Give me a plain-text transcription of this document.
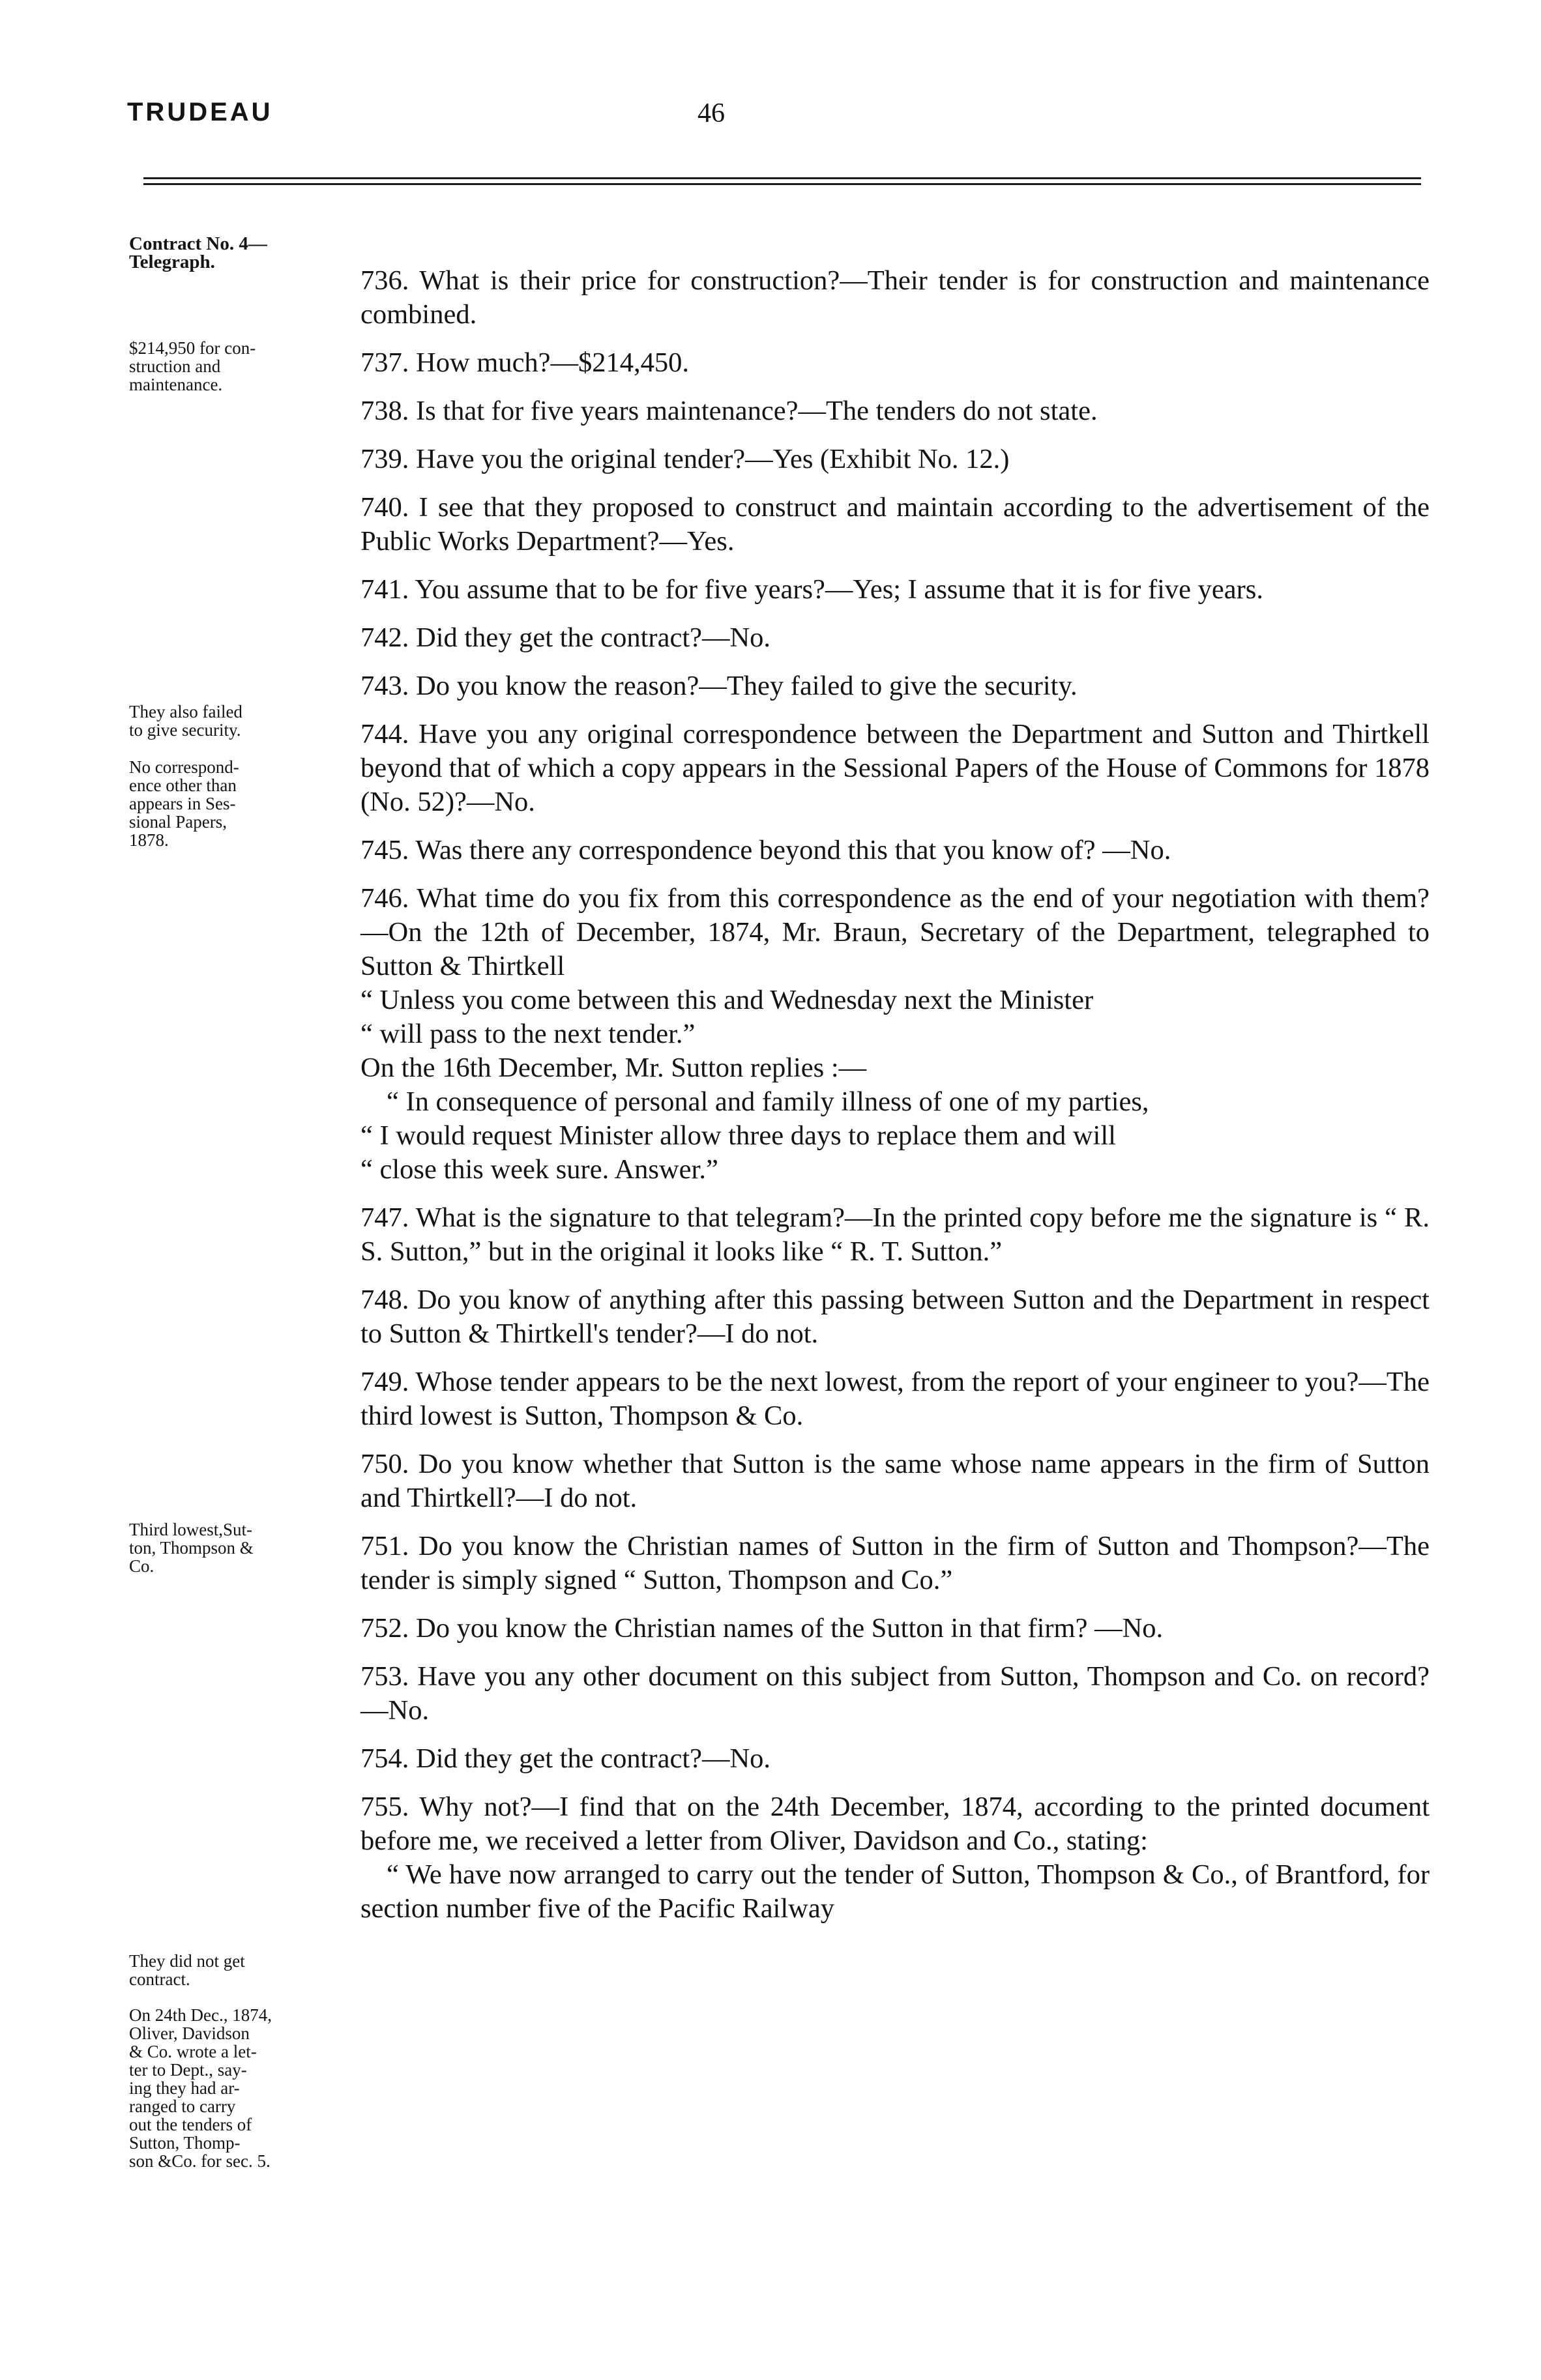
TRUDEAU	46
Contract No. 4—
Telegraph.
$214,950 for con-
struction and
maintenance.
They also failed
to give security.
No correspond-
ence other than
appears in Ses-
sional Papers,
1878.
Third lowest,Sut-
ton, Thompson &
Co.
They did not get
contract.
On 24th Dec., 1874,
Oliver, Davidson
& Co. wrote a let-
ter to Dept., say-
ing they had ar-
ranged to carry
out the tenders of
Sutton, Thomp-
son &Co. for sec. 5.
736. What is their price for construction?—Their tender is for construction and maintenance combined.
737. How much?—$214,450.
738. Is that for five years maintenance?—The tenders do not state.
739. Have you the original tender?—Yes (Exhibit No. 12.)
740. I see that they proposed to construct and maintain according to the advertisement of the Public Works Department?—Yes.
741. You assume that to be for five years?—Yes; I assume that it is for five years.
742. Did they get the contract?—No.
743. Do you know the reason?—They failed to give the security.
744. Have you any original correspondence between the Department and Sutton and Thirtkell beyond that of which a copy appears in the Sessional Papers of the House of Commons for 1878 (No. 52)?—No.
745. Was there any correspondence beyond this that you know of? —No.
746. What time do you fix from this correspondence as the end of your negotiation with them?—On the 12th of December, 1874, Mr. Braun, Secretary of the Department, telegraphed to Sutton & Thirtkell
“ Unless you come between this and Wednesday next the Minister
“ will pass to the next tender.”
On the 16th December, Mr. Sutton replies :—
“ In consequence of personal and family illness of one of my parties,
“ I would request Minister allow three days to replace them and will
“ close this week sure. Answer.”
747. What is the signature to that telegram?—In the printed copy before me the signature is “ R. S. Sutton,” but in the original it looks like “ R. T. Sutton.”
748. Do you know of anything after this passing between Sutton and the Department in respect to Sutton & Thirtkell's tender?—I do not.
749. Whose tender appears to be the next lowest, from the report of your engineer to you?—The third lowest is Sutton, Thompson & Co.
750. Do you know whether that Sutton is the same whose name appears in the firm of Sutton and Thirtkell?—I do not.
751. Do you know the Christian names of Sutton in the firm of Sutton and Thompson?—The tender is simply signed “ Sutton, Thompson and Co.”
752. Do you know the Christian names of the Sutton in that firm? —No.
753. Have you any other document on this subject from Sutton, Thompson and Co. on record?—No.
754. Did they get the contract?—No.
755. Why not?—I find that on the 24th December, 1874, according to the printed document before me, we received a letter from Oliver, Davidson and Co., stating:
“ We have now arranged to carry out the tender of Sutton, Thompson & Co., of Brantford, for section number five of the Pacific Railway
